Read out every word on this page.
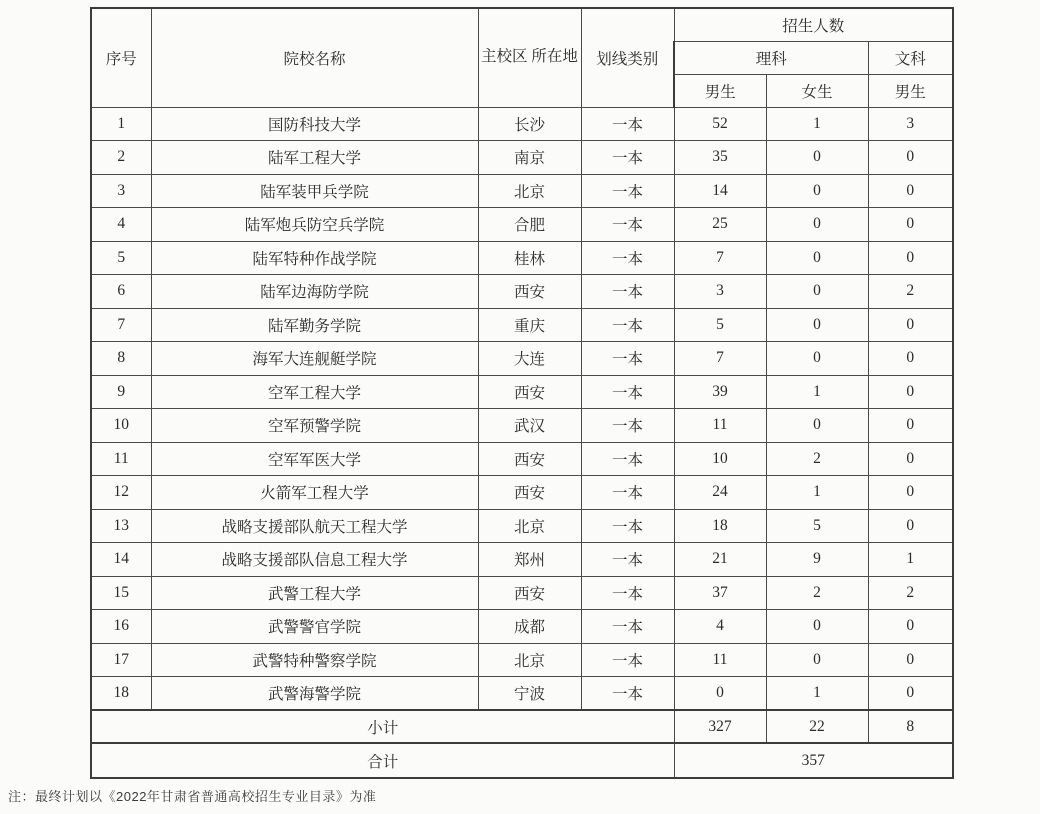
序号	院校名称	主校区 所在地	划线类别	招生人数		
				理科		文科
				男生	女生	男生
1	国防科技大学	长沙	一本	52	1	3
2	陆军工程大学	南京	一本	35	0	0
3	陆军装甲兵学院	北京	一本	14	0	0
4	陆军炮兵防空兵学院	合肥	一本	25	0	0
5	陆军特种作战学院	桂林	一本	7	0	0
6	陆军边海防学院	西安	一本	3	0	2
7	陆军勤务学院	重庆	一本	5	0	0
8	海军大连舰艇学院	大连	一本	7	0	0
9	空军工程大学	西安	一本	39	1	0
10	空军预警学院	武汉	一本	11	0	0
11	空军军医大学	西安	一本	10	2	0
12	火箭军工程大学	西安	一本	24	1	0
13	战略支援部队航天工程大学	北京	一本	18	5	0
14	战略支援部队信息工程大学	郑州	一本	21	9	1
15	武警工程大学	西安	一本	37	2	2
16	武警警官学院	成都	一本	4	0	0
17	武警特种警察学院	北京	一本	11	0	0
18	武警海警学院	宁波	一本	0	1	0
小计				327	22	8
合计				357		
注：最终计划以《2022年甘肃省普通高校招生专业目录》为准
